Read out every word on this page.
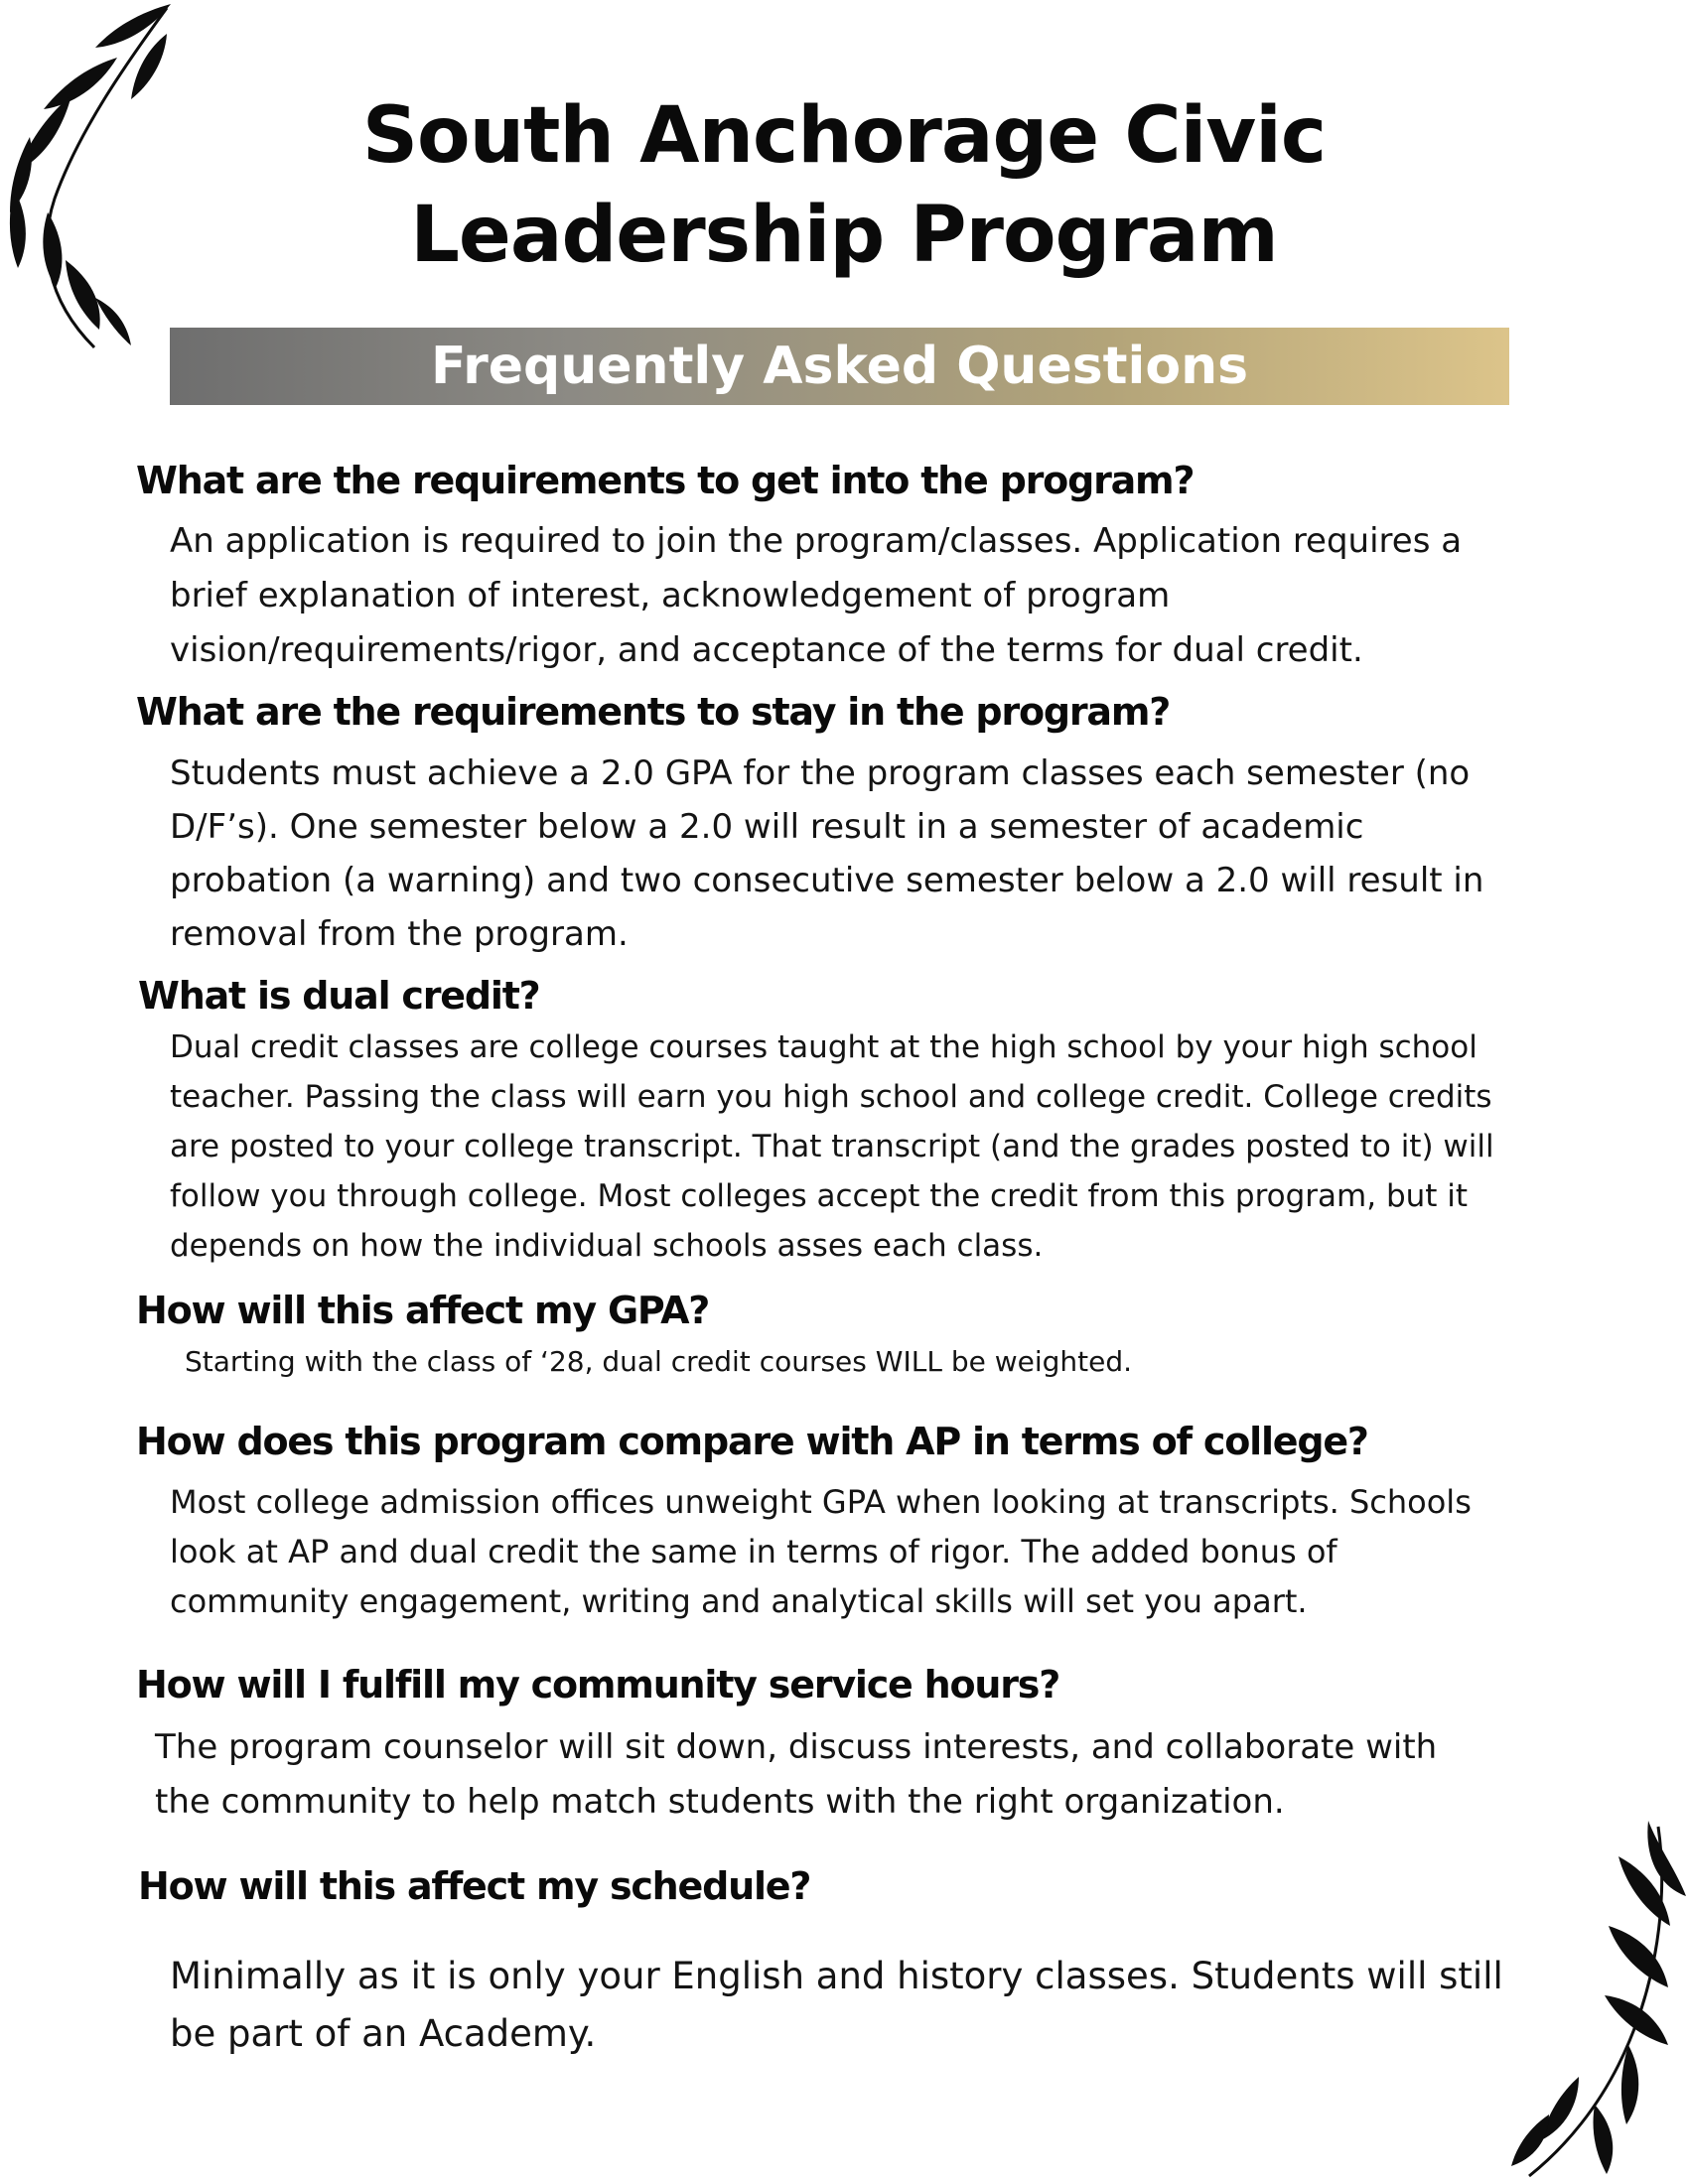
South Anchorage Civic
Leadership Program
Frequently Asked Questions
What are the requirements to get into the program?
An application is required to join the program/classes. Application requires a brief explanation of interest, acknowledgement of program vision/requirements/rigor, and acceptance of the terms for dual credit.
What are the requirements to stay in the program?
Students must achieve a 2.0 GPA for the program classes each semester (no D/F’s). One semester below a 2.0 will result in a semester of academic probation (a warning) and two consecutive semester below a 2.0 will result in removal from the program.
What is dual credit?
Dual credit classes are college courses taught at the high school by your high school teacher. Passing the class will earn you high school and college credit. College credits are posted to your college transcript. That transcript (and the grades posted to it) will follow you through college. Most colleges accept the credit from this program, but it depends on how the individual schools asses each class.
How will this affect my GPA?
Starting with the class of ‘28, dual credit courses WILL be weighted.
How does this program compare with AP in terms of college?
Most college admission offices unweight GPA when looking at transcripts. Schools look at AP and dual credit the same in terms of rigor. The added bonus of community engagement, writing and analytical skills will set you apart.
How will I fulfill my community service hours?
The program counselor will sit down, discuss interests, and collaborate with the community to help match students with the right organization.
How will this affect my schedule?
Minimally as it is only your English and history classes. Students will still be part of an Academy.
